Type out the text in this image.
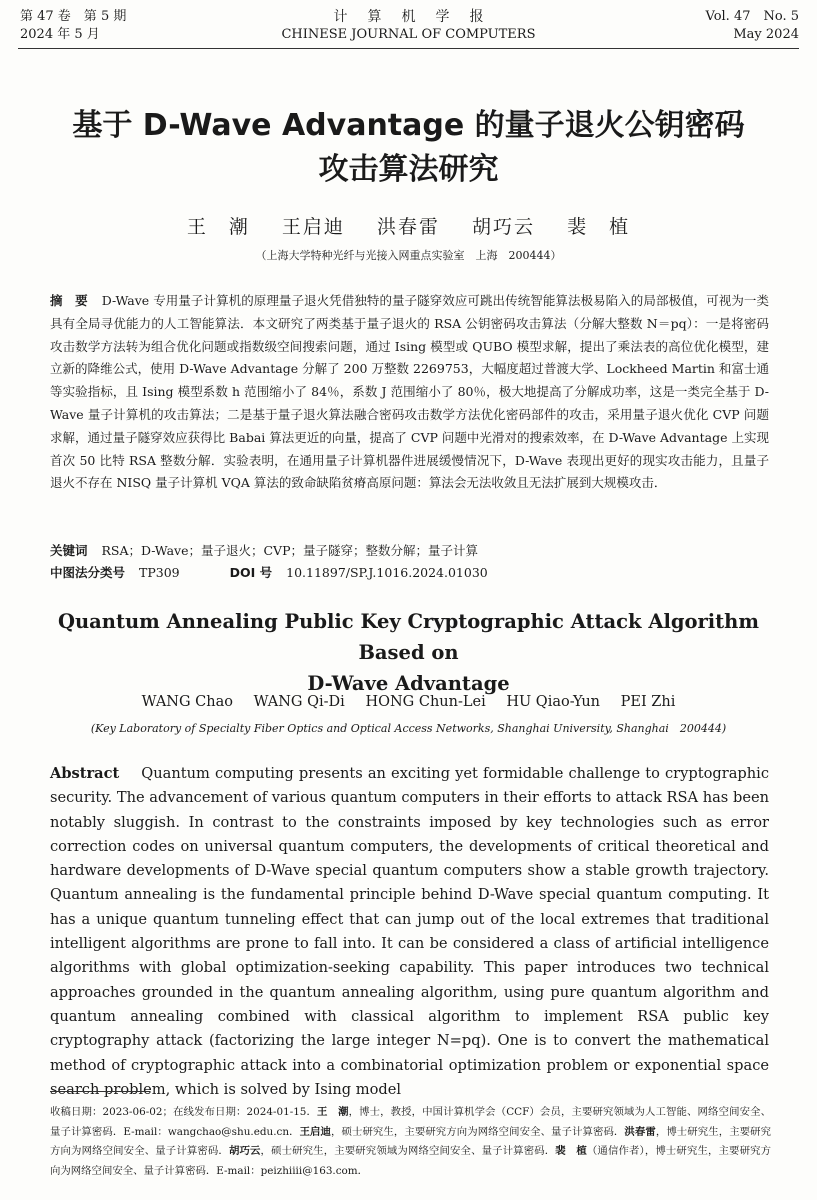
第 47 卷　第 5 期
2024 年 5 月
计算机学报
CHINESE JOURNAL OF COMPUTERS
Vol. 47　No. 5
May 2024
基于 D-Wave Advantage 的量子退火公钥密码
攻击算法研究
王　潮 王启迪 洪春雷 胡巧云 裴　植
（上海大学特种光纤与光接入网重点实验室　上海　200444）
摘　要 D-Wave 专用量子计算机的原理量子退火凭借独特的量子隧穿效应可跳出传统智能算法极易陷入的局部极值，可视为一类具有全局寻优能力的人工智能算法．本文研究了两类基于量子退火的 RSA 公钥密码攻击算法（分解大整数 N＝pq）：一是将密码攻击数学方法转为组合优化问题或指数级空间搜索问题，通过 Ising 模型或 QUBO 模型求解，提出了乘法表的高位优化模型，建立新的降维公式，使用 D-Wave Advantage 分解了 200 万整数 2269753，大幅度超过普渡大学、Lockheed Martin 和富士通等实验指标，且 Ising 模型系数 h 范围缩小了 84％，系数 J 范围缩小了 80％，极大地提高了分解成功率，这是一类完全基于 D-Wave 量子计算机的攻击算法；二是基于量子退火算法融合密码攻击数学方法优化密码部件的攻击，采用量子退火优化 CVP 问题求解，通过量子隧穿效应获得比 Babai 算法更近的向量，提高了 CVP 问题中光滑对的搜索效率，在 D-Wave Advantage 上实现首次 50 比特 RSA 整数分解．实验表明，在通用量子计算机器件进展缓慢情况下，D-Wave 表现出更好的现实攻击能力，且量子退火不存在 NISQ 量子计算机 VQA 算法的致命缺陷贫瘠高原问题：算法会无法收敛且无法扩展到大规模攻击．
关键词 RSA；D-Wave；量子退火；CVP；量子隧穿；整数分解；量子计算
中图法分类号 TP309	DOI 号 10.11897/SP.J.1016.2024.01030
Quantum Annealing Public Key Cryptographic Attack Algorithm Based on
D-Wave Advantage
WANG Chao WANG Qi-Di HONG Chun-Lei HU Qiao-Yun PEI Zhi
(Key Laboratory of Specialty Fiber Optics and Optical Access Networks, Shanghai University, Shanghai　200444)
Abstract Quantum computing presents an exciting yet formidable challenge to cryptographic security. The advancement of various quantum computers in their efforts to attack RSA has been notably sluggish. In contrast to the constraints imposed by key technologies such as error correction codes on universal quantum computers, the developments of critical theoretical and hardware developments of D-Wave special quantum computers show a stable growth trajectory. Quantum annealing is the fundamental principle behind D-Wave special quantum computing. It has a unique quantum tunneling effect that can jump out of the local extremes that traditional intelligent algorithms are prone to fall into. It can be considered a class of artificial intelligence algorithms with global optimization-seeking capability. This paper introduces two technical approaches grounded in the quantum annealing algorithm, using pure quantum algorithm and quantum annealing combined with classical algorithm to implement RSA public key cryptography attack (factorizing the large integer N=pq). One is to convert the mathematical method of cryptographic attack into a combinatorial optimization problem or exponential space search problem, which is solved by Ising model
收稿日期：2023-06-02；在线发布日期：2024-01-15．王　潮，博士，教授，中国计算机学会（CCF）会员，主要研究领域为人工智能、网络空间安全、量子计算密码．E-mail：wangchao@shu.edu.cn．王启迪，硕士研究生，主要研究方向为网络空间安全、量子计算密码．洪春雷，博士研究生，主要研究方向为网络空间安全、量子计算密码．胡巧云，硕士研究生，主要研究领域为网络空间安全、量子计算密码．裴　植（通信作者），博士研究生，主要研究方向为网络空间安全、量子计算密码．E-mail：peizhiiii@163.com．
